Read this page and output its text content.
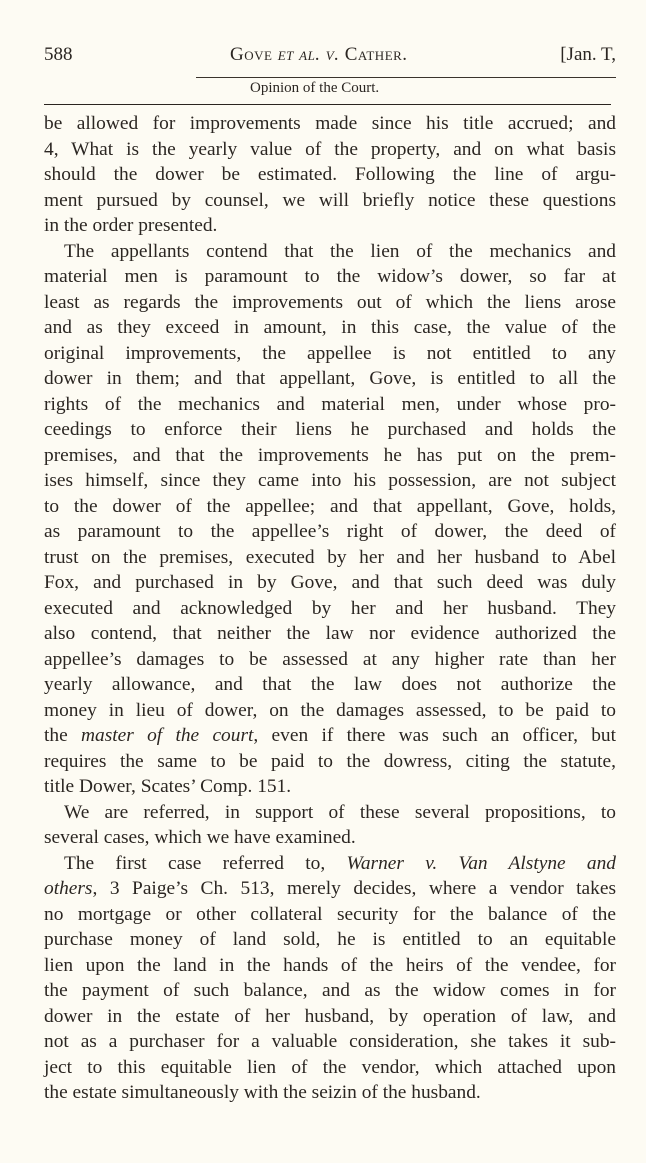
588	Gove et al. v. Cather.	[Jan. T,
Opinion of the Court.
be allowed for improvements made since his title accrued; and
4, What is the yearly value of the property, and on what basis
should the dower be estimated. Following the line of argu-
ment pursued by counsel, we will briefly notice these questions
in the order presented.
The appellants contend that the lien of the mechanics and
material men is paramount to the widow’s dower, so far at
least as regards the improvements out of which the liens arose
and as they exceed in amount, in this case, the value of the
original improvements, the appellee is not entitled to any
dower in them; and that appellant, Gove, is entitled to all the
rights of the mechanics and material men, under whose pro-
ceedings to enforce their liens he purchased and holds the
premises, and that the improvements he has put on the prem-
ises himself, since they came into his possession, are not subject
to the dower of the appellee; and that appellant, Gove, holds,
as paramount to the appellee’s right of dower, the deed of
trust on the premises, executed by her and her husband to Abel
Fox, and purchased in by Gove, and that such deed was duly
executed and acknowledged by her and her husband. They
also contend, that neither the law nor evidence authorized the
appellee’s damages to be assessed at any higher rate than her
yearly allowance, and that the law does not authorize the
money in lieu of dower, on the damages assessed, to be paid to
the master of the court, even if there was such an officer, but
requires the same to be paid to the dowress, citing the statute,
title Dower, Scates’ Comp. 151.
We are referred, in support of these several propositions, to
several cases, which we have examined.
The first case referred to, Warner v. Van Alstyne and
others, 3 Paige’s Ch. 513, merely decides, where a vendor takes
no mortgage or other collateral security for the balance of the
purchase money of land sold, he is entitled to an equitable
lien upon the land in the hands of the heirs of the vendee, for
the payment of such balance, and as the widow comes in for
dower in the estate of her husband, by operation of law, and
not as a purchaser for a valuable consideration, she takes it sub-
ject to this equitable lien of the vendor, which attached upon
the estate simultaneously with the seizin of the husband.
